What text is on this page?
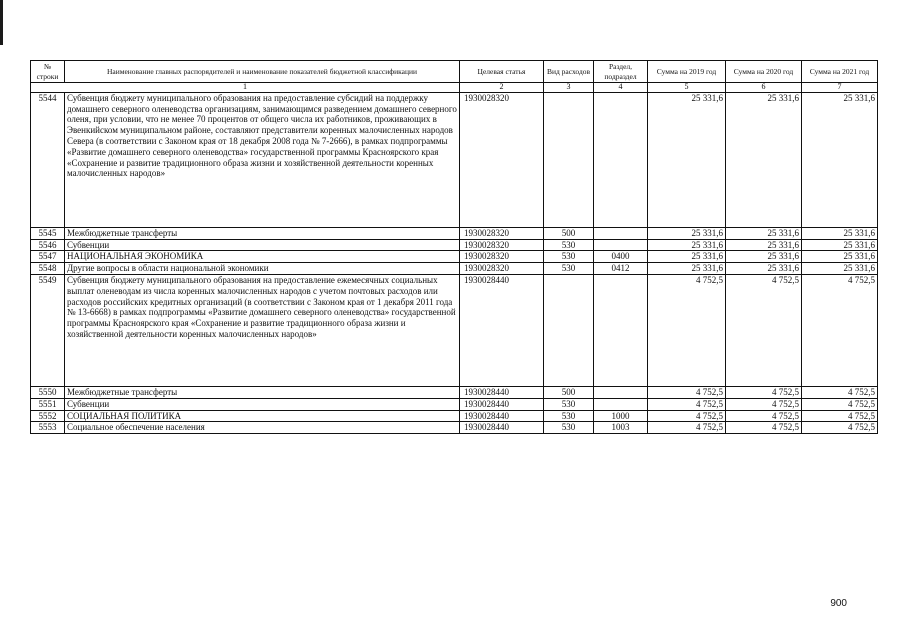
№ строки	Наименование главных распорядителей и наименование показателей бюджетной классификации	Целевая статья	Вид расходов	Раздел, подраздел	Сумма на 2019 год	Сумма на 2020 год	Сумма на 2021 год
1		2	3	4	5	6	7
5544	Субвенция бюджету муниципального образования на предоставление субсидий на поддержку домашнего северного оленеводства организациям, занимающимся разведением домашнего северного оленя, при условии, что не менее 70 процентов от общего числа их работников, проживающих в Эвенкийском муниципальном районе, составляют представители коренных малочисленных народов Севера (в соответствии с Законом края от 18 декабря 2008 года № 7-2666), в рамках подпрограммы «Развитие домашнего северного оленеводства» государственной программы Красноярского края «Сохранение и развитие традиционного образа жизни и хозяйственной деятельности коренных малочисленных народов»	1930028320			25 331,6	25 331,6	25 331,6
5545	Межбюджетные трансферты	1930028320	500		25 331,6	25 331,6	25 331,6
5546	Субвенции	1930028320	530		25 331,6	25 331,6	25 331,6
5547	НАЦИОНАЛЬНАЯ ЭКОНОМИКА	1930028320	530	0400	25 331,6	25 331,6	25 331,6
5548	Другие вопросы в области национальной экономики	1930028320	530	0412	25 331,6	25 331,6	25 331,6
5549	Субвенция бюджету муниципального образования на предоставление ежемесячных социальных выплат оленеводам из числа коренных малочисленных народов с учетом почтовых расходов или расходов российских кредитных организаций (в соответствии с Законом края от 1 декабря 2011 года № 13-6668) в рамках подпрограммы «Развитие домашнего северного оленеводства» государственной программы Красноярского края «Сохранение и развитие традиционного образа жизни и хозяйственной деятельности коренных малочисленных народов»	1930028440			4 752,5	4 752,5	4 752,5
5550	Межбюджетные трансферты	1930028440	500		4 752,5	4 752,5	4 752,5
5551	Субвенции	1930028440	530		4 752,5	4 752,5	4 752,5
5552	СОЦИАЛЬНАЯ ПОЛИТИКА	1930028440	530	1000	4 752,5	4 752,5	4 752,5
5553	Социальное обеспечение населения	1930028440	530	1003	4 752,5	4 752,5	4 752,5
900
